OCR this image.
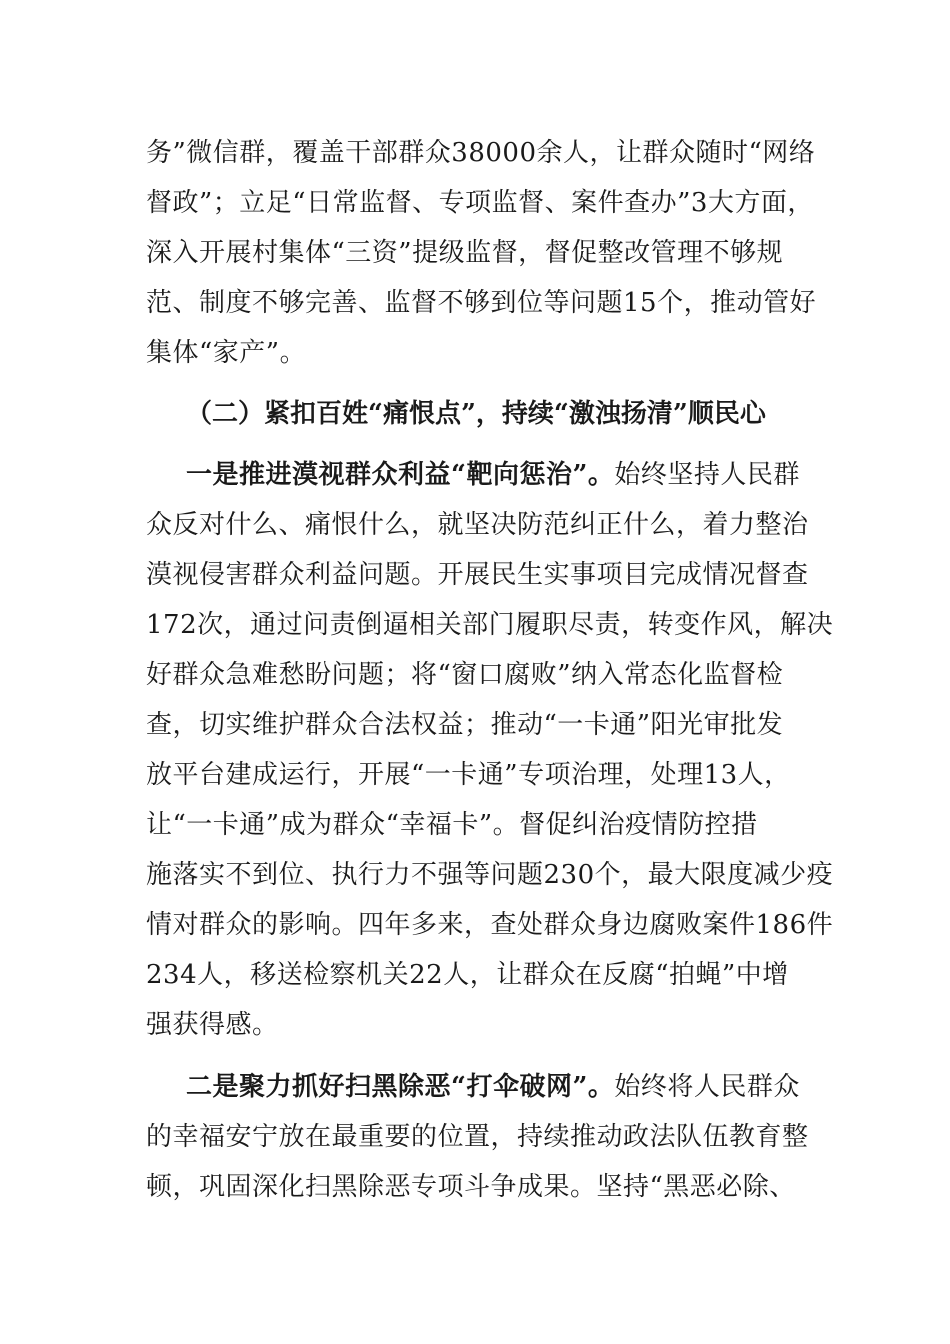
务”微信群，覆盖干部群众38000余人，让群众随时“网络
督政”；立足“日常监督、专项监督、案件查办”3大方面，
深入开展村集体“三资”提级监督，督促整改管理不够规
范、制度不够完善、监督不够到位等问题15个，推动管好
集体“家产”。
（二）紧扣百姓“痛恨点”，持续“激浊扬清”顺民心
一是推进漠视群众利益“靶向惩治”。始终坚持人民群
众反对什么、痛恨什么，就坚决防范纠正什么，着力整治
漠视侵害群众利益问题。开展民生实事项目完成情况督查
172次，通过问责倒逼相关部门履职尽责，转变作风，解决
好群众急难愁盼问题；将“窗口腐败”纳入常态化监督检
查，切实维护群众合法权益；推动“一卡通”阳光审批发
放平台建成运行，开展“一卡通”专项治理，处理13人，
让“一卡通”成为群众“幸福卡”。督促纠治疫情防控措
施落实不到位、执行力不强等问题230个，最大限度减少疫
情对群众的影响。四年多来，查处群众身边腐败案件186件
234人，移送检察机关22人，让群众在反腐“拍蝇”中增
强获得感。
二是聚力抓好扫黑除恶“打伞破网”。始终将人民群众
的幸福安宁放在最重要的位置，持续推动政法队伍教育整
顿，巩固深化扫黑除恶专项斗争成果。坚持“黑恶必除、
